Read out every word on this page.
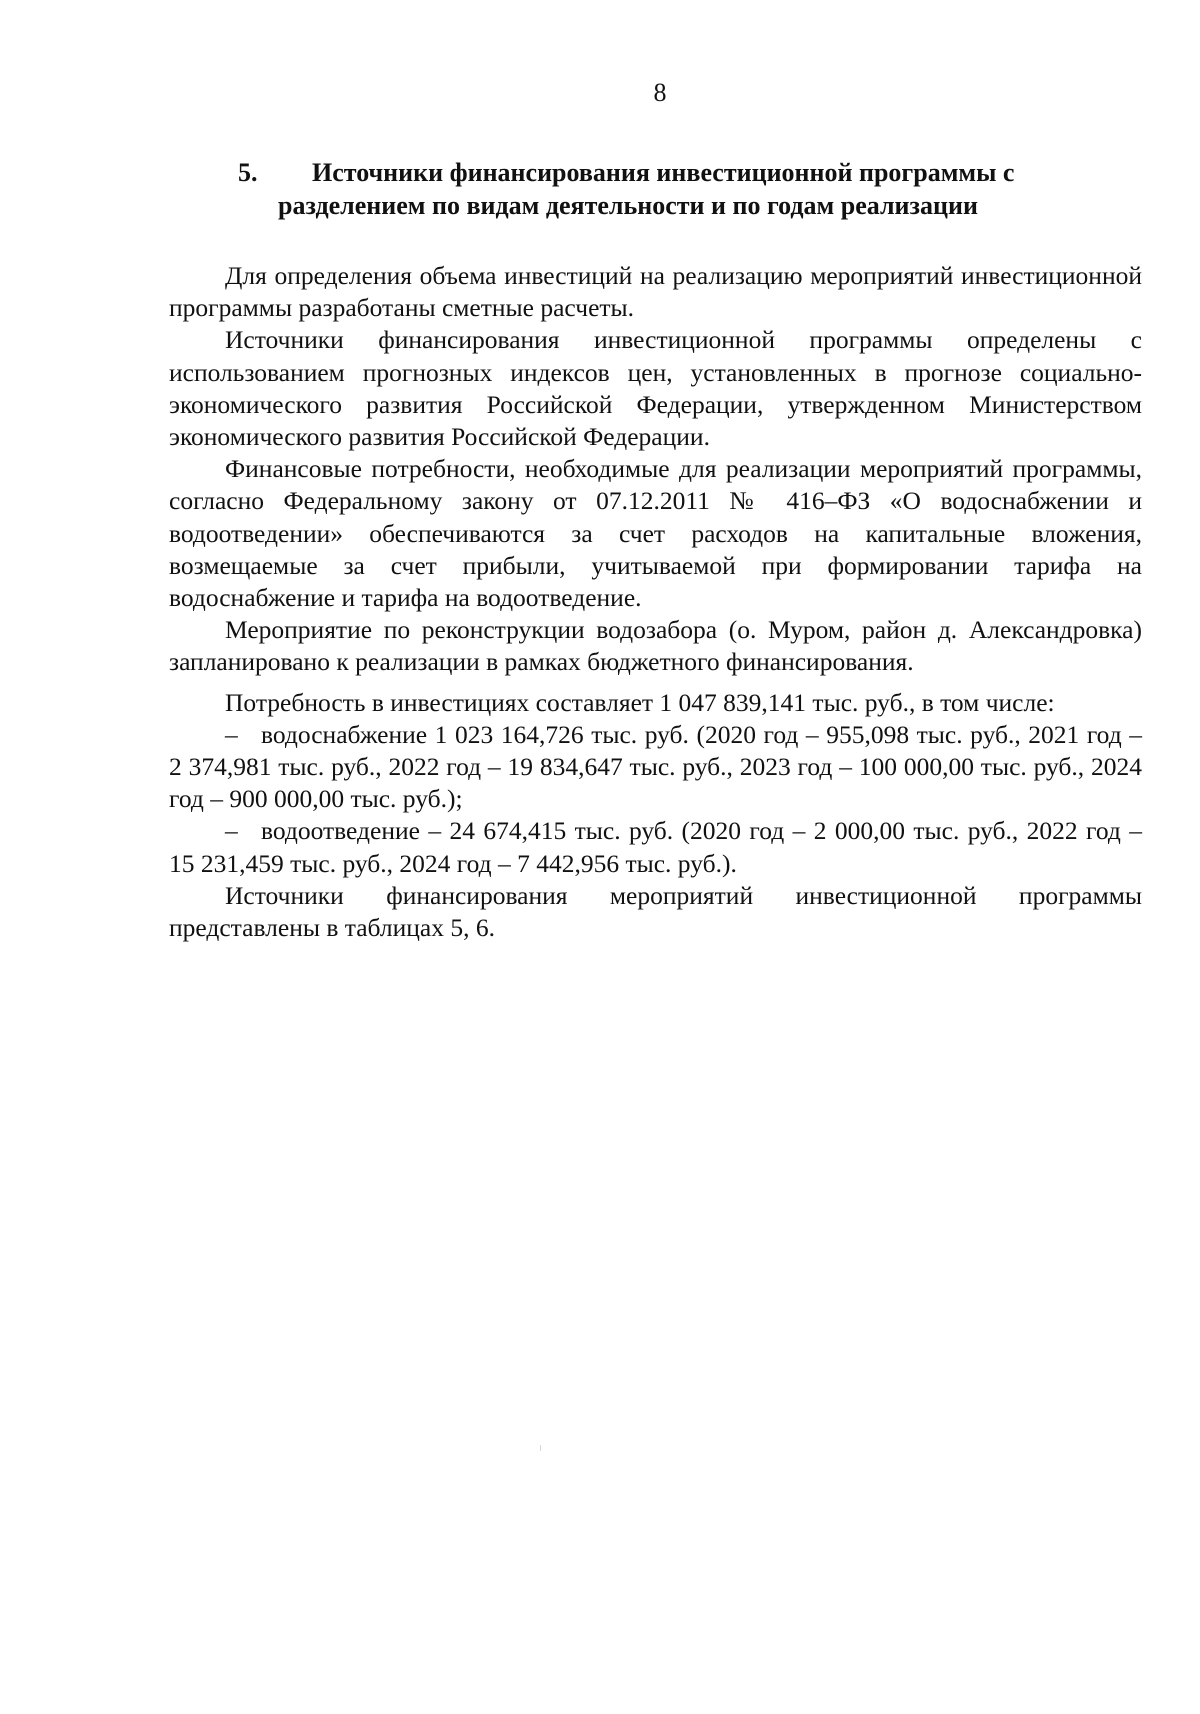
8
5. Источники финансирования инвестиционной программы с
разделением по видам деятельности и по годам реализации

Для определения объема инвестиций на реализацию мероприятий инвестиционной программы разработаны сметные расчеты.

Источники финансирования инвестиционной программы определены с использованием прогнозных индексов цен, установленных в прогнозе социально-экономического развития Российской Федерации, утвержденном Министерством экономического развития Российской Федерации.

Финансовые потребности, необходимые для реализации мероприятий программы, согласно Федеральному закону от 07.12.2011 № 416–ФЗ «О водоснабжении и водоотведении» обеспечиваются за счет расходов на капитальные вложения, возмещаемые за счет прибыли, учитываемой при формировании тарифа на водоснабжение и тарифа на водоотведение.

Мероприятие по реконструкции водозабора (о. Муром, район д. Александровка) запланировано к реализации в рамках бюджетного финансирования.

Потребность в инвестициях составляет 1 047 839,141 тыс. руб., в том числе:

– водоснабжение 1 023 164,726 тыс. руб. (2020 год – 955,098 тыс. руб., 2021 год – 2 374,981 тыс. руб., 2022 год – 19 834,647 тыс. руб., 2023 год – 100 000,00 тыс. руб., 2024 год – 900 000,00 тыс. руб.);

– водоотведение – 24 674,415 тыс. руб. (2020 год – 2 000,00 тыс. руб., 2022 год – 15 231,459 тыс. руб., 2024 год – 7 442,956 тыс. руб.).

Источники финансирования мероприятий инвестиционной программы представлены в таблицах 5, 6.
